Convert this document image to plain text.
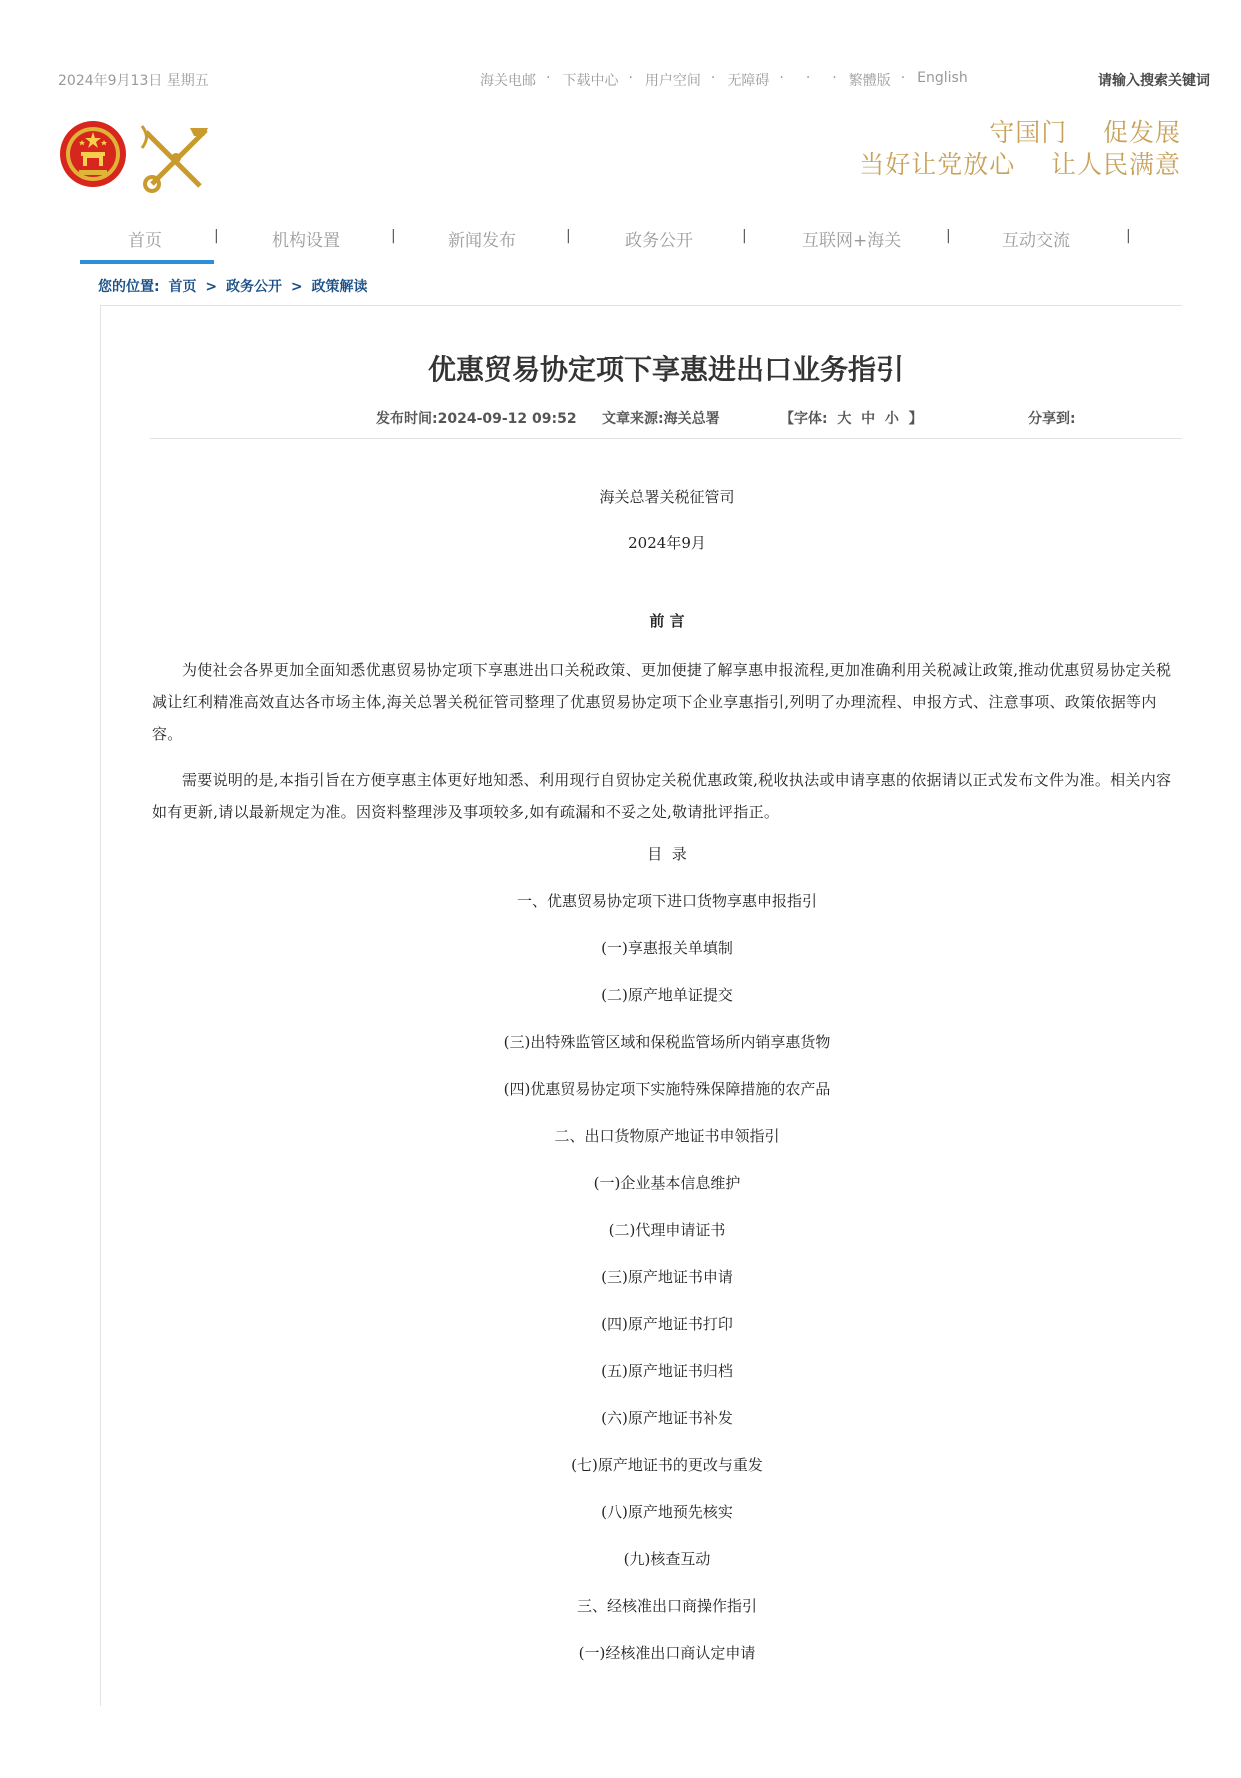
2024年9月13日 星期五	海关电邮 · 下载中心 · 用户空间 · 无障碍 · · · 繁體版 · English	请输入搜索关键词
守国门    促发展
当好让党放心    让人民满意
首页	|	机构设置	|	新闻发布	|	政务公开	|	互联网+海关	|	互动交流	|
您的位置: 首页 > 政务公开 > 政策解读
优惠贸易协定项下享惠进出口业务指引
发布时间:2024-09-12 09:52 文章来源:海关总署	【字体:  大  中  小  】	分享到:
海关总署关税征管司
2024年9月
前 言

为使社会各界更加全面知悉优惠贸易协定项下享惠进出口关税政策、更加便捷了解享惠申报流程,更加准确利用关税减让政策,推动优惠贸易协定关税减让红利精准高效直达各市场主体,海关总署关税征管司整理了优惠贸易协定项下企业享惠指引,列明了办理流程、申报方式、注意事项、政策依据等内容。

需要说明的是,本指引旨在方便享惠主体更好地知悉、利用现行自贸协定关税优惠政策,税收执法或申请享惠的依据请以正式发布文件为准。相关内容如有更新,请以最新规定为准。因资料整理涉及事项较多,如有疏漏和不妥之处,敬请批评指正。

目  录
一、优惠贸易协定项下进口货物享惠申报指引
(一)享惠报关单填制
(二)原产地单证提交
(三)出特殊监管区域和保税监管场所内销享惠货物
(四)优惠贸易协定项下实施特殊保障措施的农产品
二、出口货物原产地证书申领指引
(一)企业基本信息维护
(二)代理申请证书
(三)原产地证书申请
(四)原产地证书打印
(五)原产地证书归档
(六)原产地证书补发
(七)原产地证书的更改与重发
(八)原产地预先核实
(九)核查互动
三、经核准出口商操作指引
(一)经核准出口商认定申请
